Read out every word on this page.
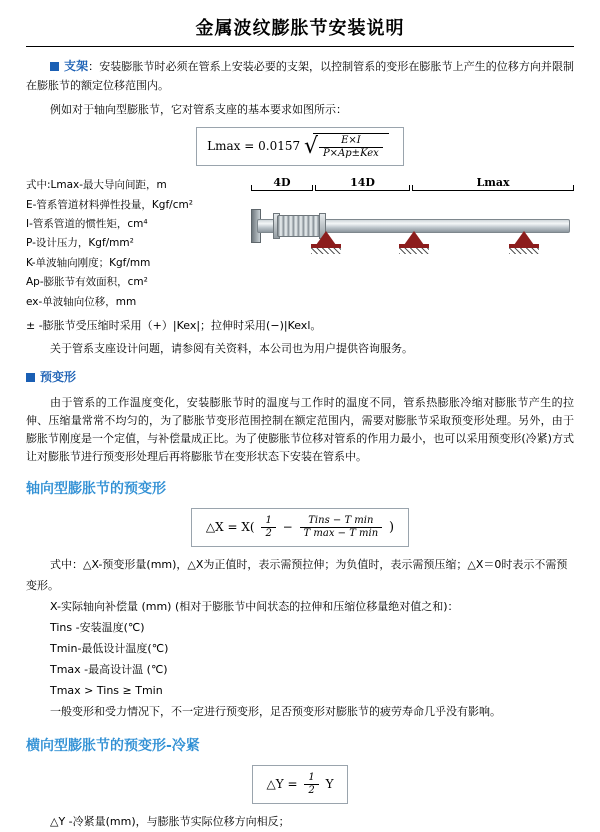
金属波纹膨胀节安装说明

支架：安装膨胀节时必须在管系上安装必要的支架，以控制管系的变形在膨胀节上产生的位移方向并限制在膨胀节的额定位移范围内。

例如对于轴向型膨胀节，它对管系支座的基本要求如图所示：

Lmax = 0.0157 √
$\frac{E\times I}{\text{P×Ap±Kex}}$
式中:Lmax-最大导向间距，m
E-管系管道材料弹性投量，Kgf/cm²
I-管系管道的惯性矩，cm⁴
P-设计压力，Kgf/mm²
K-单波轴向刚度；Kgf/mm
Ap-膨胀节有效面积，cm²
ex-单波轴向位移，mm
4D	14D	Lmax
± -膨胀节受压缩时采用（+）|Kex|；拉伸时采用(−)|Kexl。

关于管系支座设计问题，请参阅有关资料，本公司也为用户提供咨询服务。

预变形

由于管系的工作温度变化，安装膨胀节时的温度与工作时的温度不同，管系热膨胀冷缩对膨胀节产生的拉伸、压缩量常常不均匀的，为了膨胀节变形范围控制在额定范围内，需要对膨胀节采取预变形处理。另外，由于膨胀节刚度是一个定值，与补偿量成正比。为了使膨胀节位移对管系的作用力最小，也可以采用预变形(冷紧)方式让对膨胀节进行预变形处理后再将膨胀节在变形状态下安装在管系中。

轴向型膨胀节的预变形
△X = $X( \frac{1}{2} - \frac{\text{Tins − T min}}{\text{T max − T min}}$ )
式中：△X-预变形量(mm)，△X为正值时，表示需预拉伸；为负值时，表示需预压缩；△X＝0时表示不需预变形。
X-实际轴向补偿量 (mm) (相对于膨胀节中间状态的拉伸和压缩位移量绝对值之和)：
Tins -安装温度(℃)
Tmin-最低设计温度(℃)
Tmax -最高设计温 (℃)
Tmax > Tins ≥ Tmin
一般变形和受力情况下，不一定进行预变形，足否预变形对膨胀节的疲劳寿命几乎没有影响。
横向型膨胀节的预变形-冷紧
△Y = $\frac{1}{2}$ Y
△Y -冷紧量(mm)，与膨胀节实际位移方向相反；
